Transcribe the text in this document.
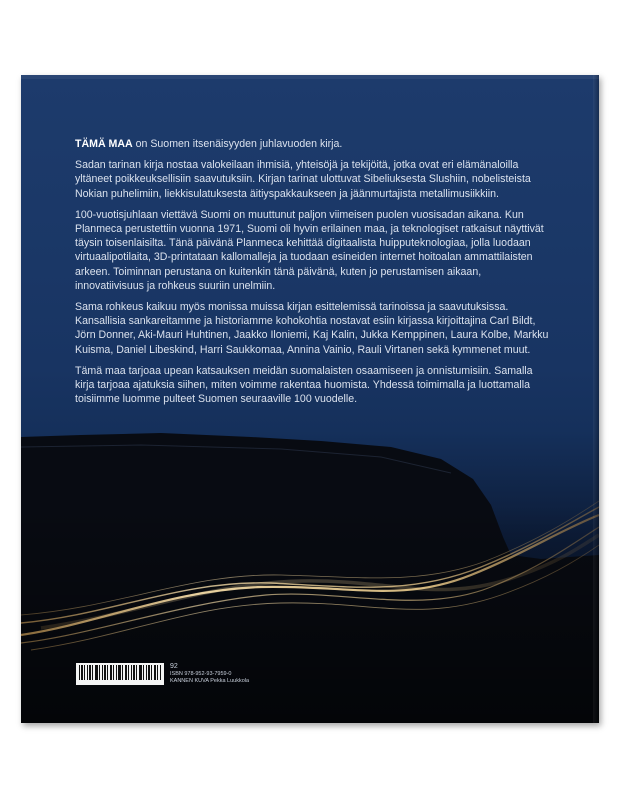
TÄMÄ MAA on Suomen itsenäisyyden juhlavuoden kirja.

Sadan tarinan kirja nostaa valokeilaan ihmisiä, yhteisöjä ja tekijöitä, jotka ovat eri elämänaloilla yltäneet poikkeuksellisiin saavutuksiin. Kirjan tarinat ulottuvat Sibeliuksesta Slushiin, nobelisteista Nokian puhelimiin, liekkisulatuksesta äitiyspakkaukseen ja jäänmurtajista metallimusiikkiin.

100-vuotisjuhlaan viettävä Suomi on muuttunut paljon viimeisen puolen vuosisadan aikana. Kun Planmeca perustettiin vuonna 1971, Suomi oli hyvin erilainen maa, ja teknologiset ratkaisut näyttivät täysin toisenlaisilta. Tänä päivänä Planmeca kehittää digitaalista huipputeknologiaa, jolla luodaan virtuaalipotilaita, 3D-printataan kallomalleja ja tuodaan esineiden internet hoitoalan ammattilaisten arkeen. Toiminnan perustana on kuitenkin tänä päivänä, kuten jo perustamisen aikaan, innovatiivisuus ja rohkeus suuriin unelmiin.

Sama rohkeus kaikuu myös monissa muissa kirjan esittelemissä tarinoissa ja saavutuksissa. Kansallisia sankareitamme ja historiamme kohokohtia nostavat esiin kirjassa kirjoittajina Carl Bildt, Jörn Donner, Aki-Mauri Huhtinen, Jaakko Iloniemi, Kaj Kalin, Jukka Kemppinen, Laura Kolbe, Markku Kuisma, Daniel Libeskind, Harri Saukkomaa, Annina Vainio, Rauli Virtanen sekä kymmenet muut.

Tämä maa tarjoaa upean katsauksen meidän suomalaisten osaamiseen ja onnistumisiin. Samalla kirja tarjoaa ajatuksia siihen, miten voimme rakentaa huomista. Yhdessä toimimalla ja luottamalla toisiimme luomme pulteet Suomen seuraaville 100 vuodelle.

92
ISBN 978-952-93-7959-0
KANNEN KUVA Pekka Luukkola
